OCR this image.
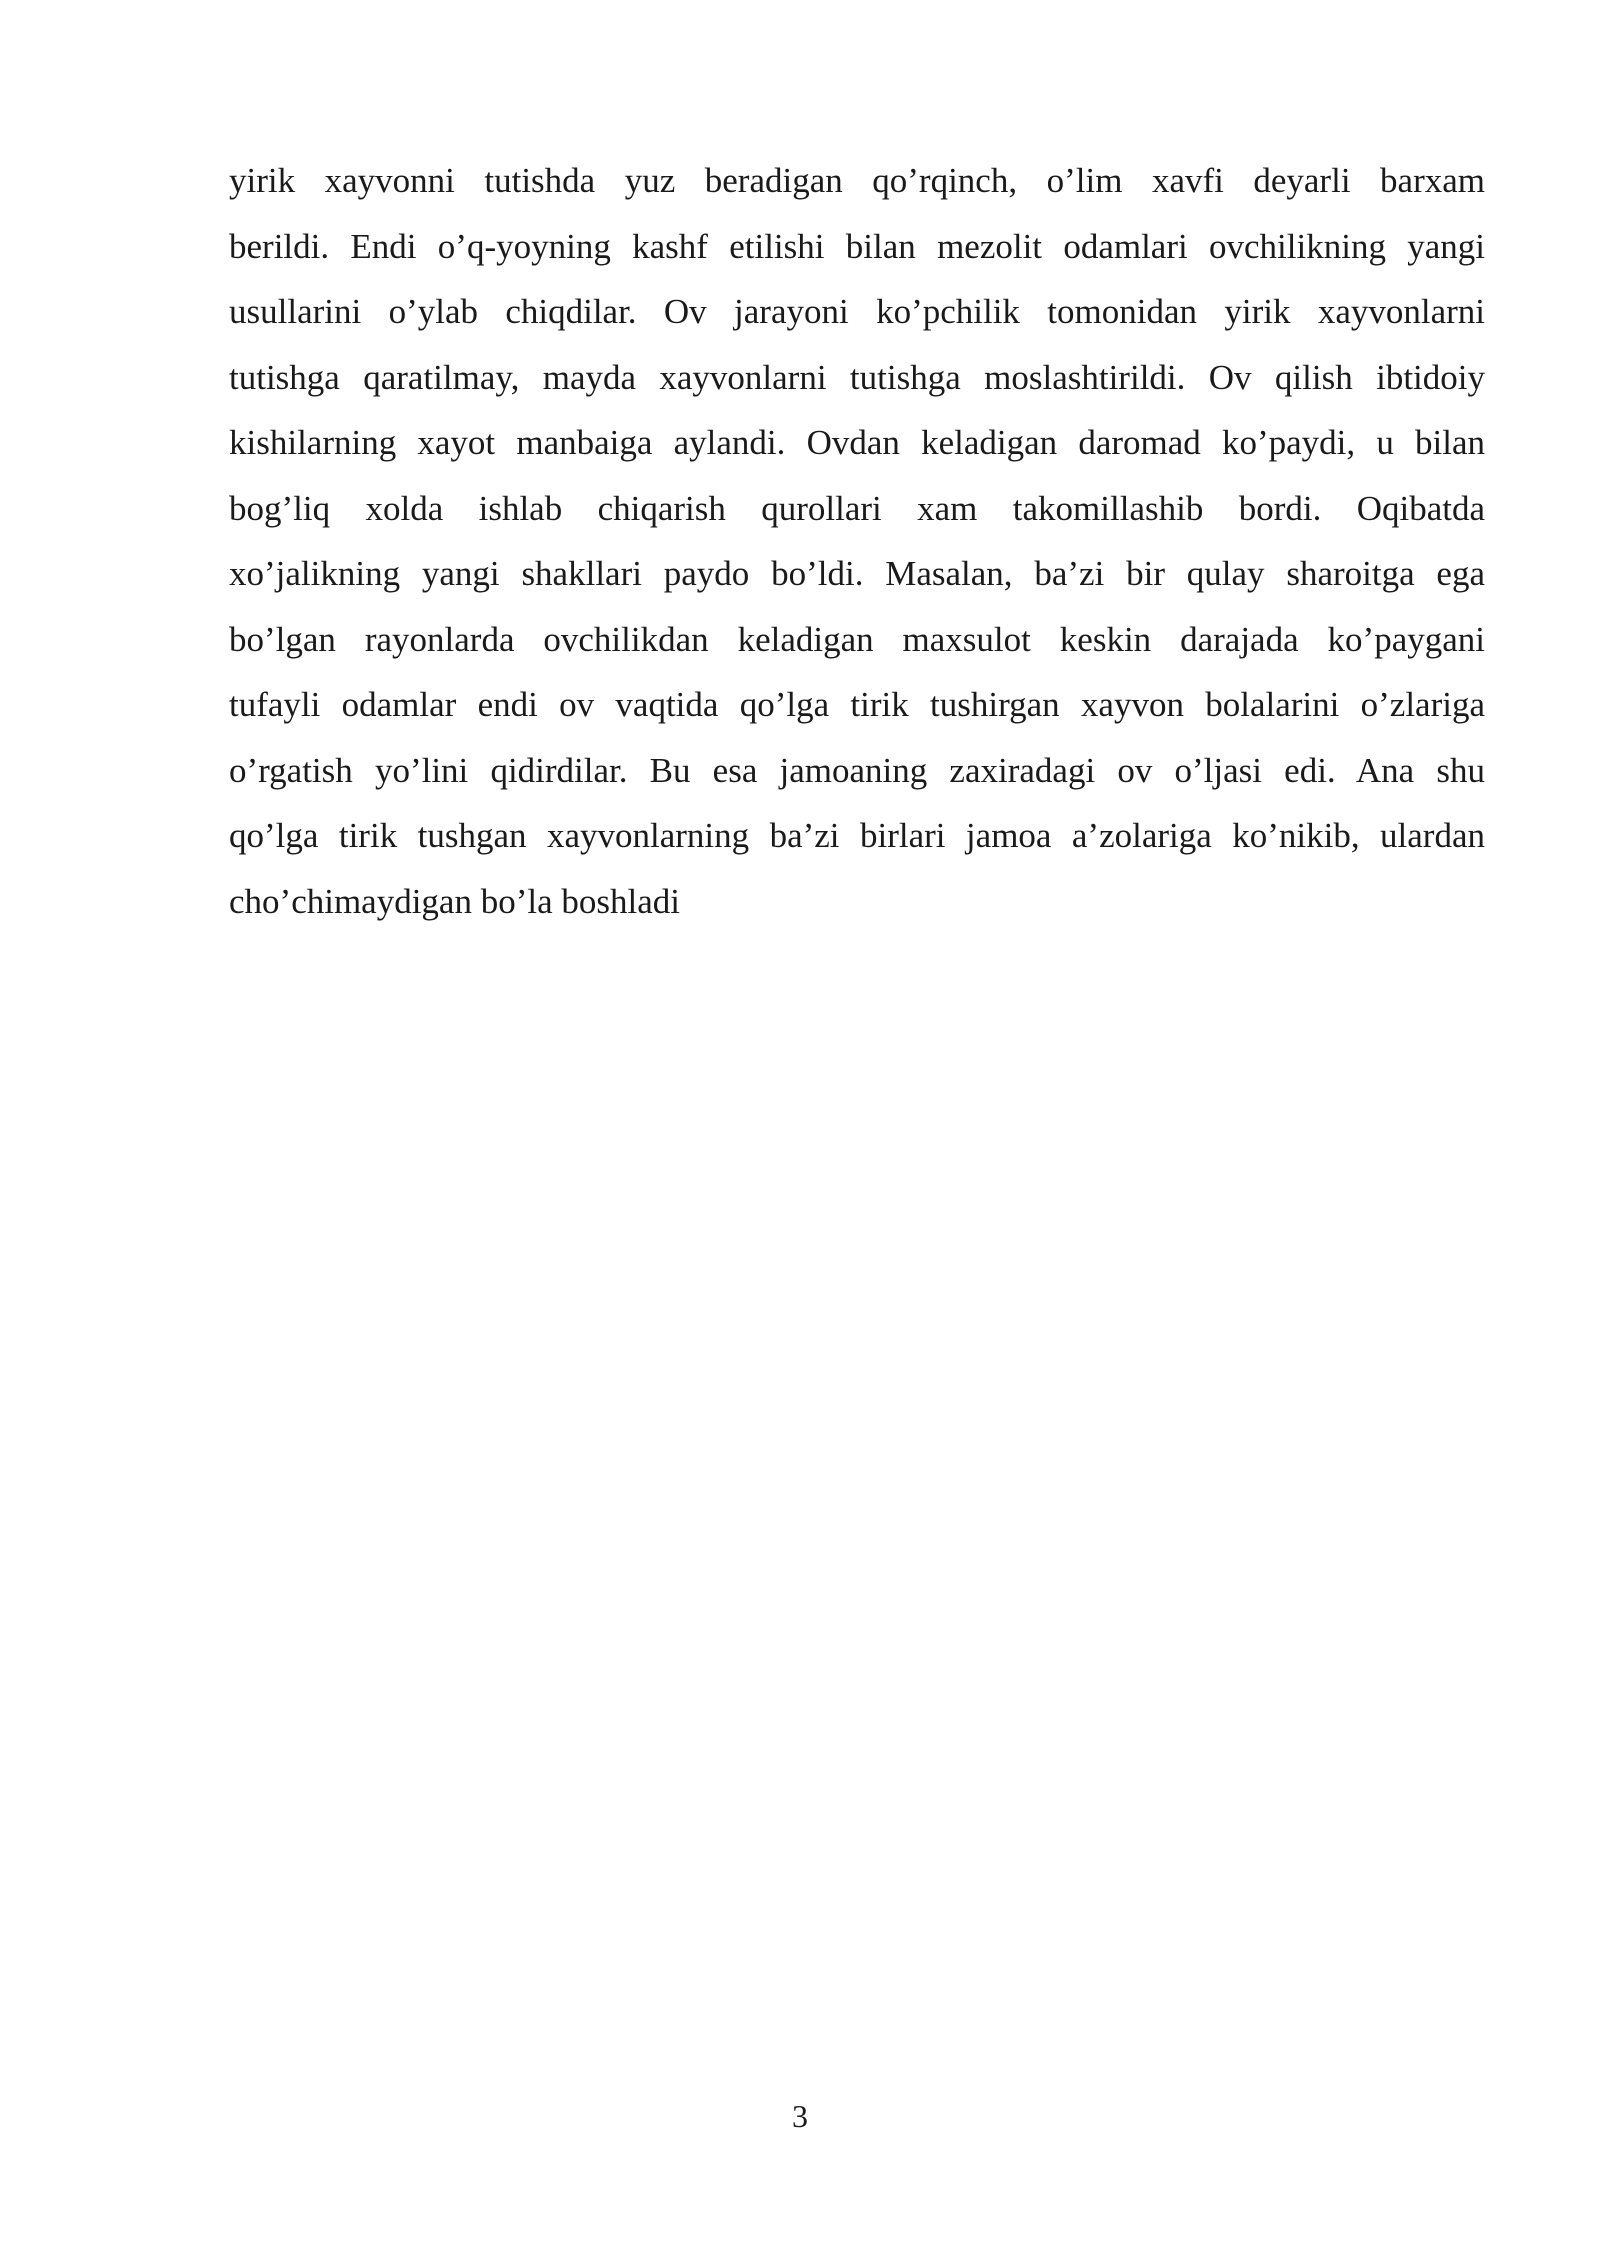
yirik xayvonni tutishda yuz beradigan qo’rqinch, o’lim xavfi deyarli barxam
berildi. Endi o’q-yoyning kashf etilishi bilan mezolit odamlari ovchilikning yangi
usullarini o’ylab chiqdilar. Ov jarayoni ko’pchilik tomonidan yirik xayvonlarni
tutishga qaratilmay, mayda xayvonlarni tutishga moslashtirildi. Ov qilish ibtidoiy
kishilarning xayot manbaiga aylandi. Ovdan keladigan daromad ko’paydi, u bilan
bog’liq xolda ishlab chiqarish qurollari xam takomillashib bordi. Oqibatda
xo’jalikning yangi shakllari paydo bo’ldi. Masalan, ba’zi bir qulay sharoitga ega
bo’lgan rayonlarda ovchilikdan keladigan maxsulot keskin darajada ko’paygani
tufayli odamlar endi ov vaqtida qo’lga tirik tushirgan xayvon bolalarini o’zlariga
o’rgatish yo’lini qidirdilar. Bu esa jamoaning zaxiradagi ov o’ljasi edi. Ana shu
qo’lga tirik tushgan xayvonlarning ba’zi birlari jamoa a’zolariga ko’nikib, ulardan
cho’chimaydigan bo’la boshladi
3
